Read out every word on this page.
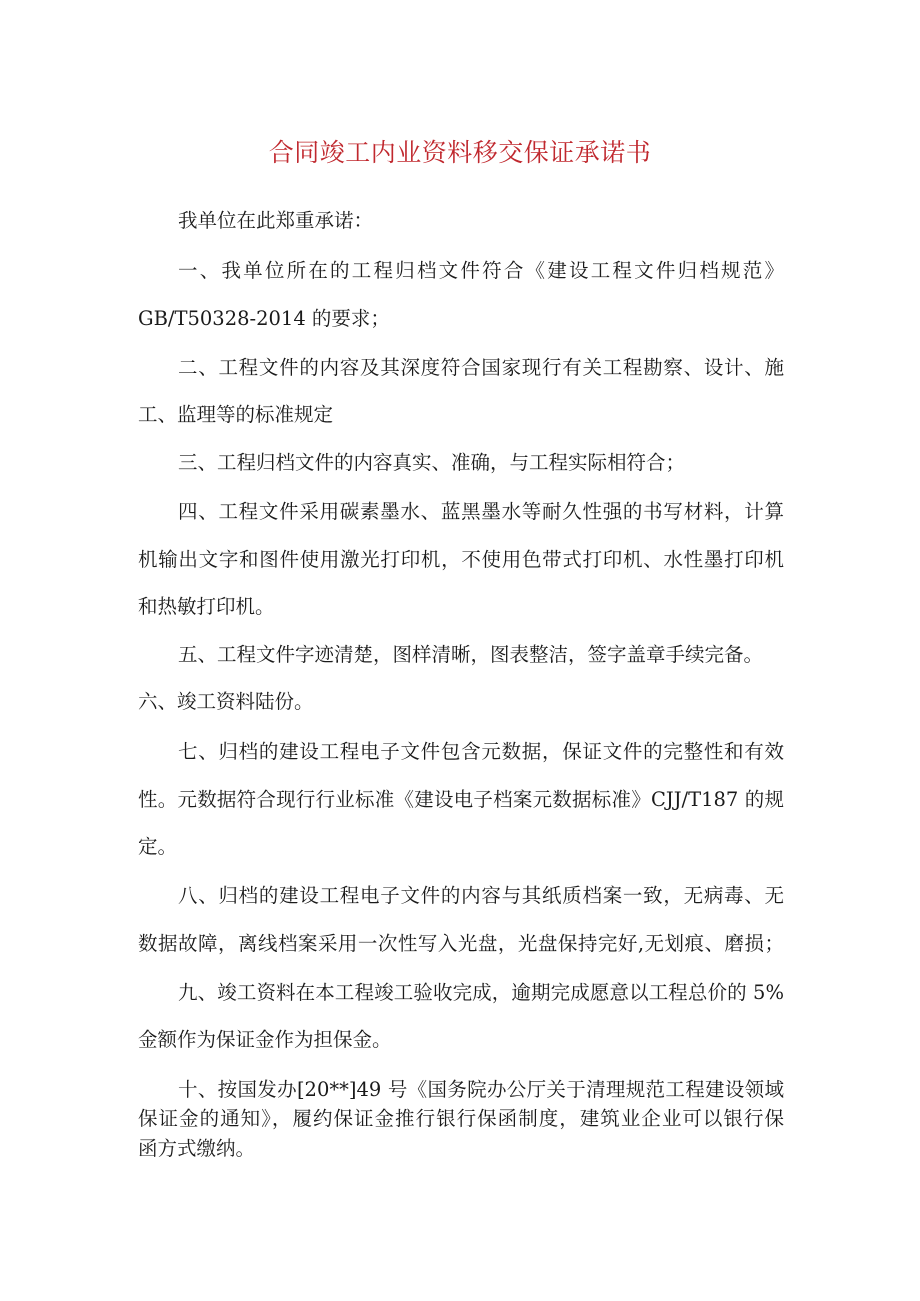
合同竣工内业资料移交保证承诺书
我单位在此郑重承诺：
一、我单位所在的工程归档文件符合《建设工程文件归档规范》
GB/T50328-2014 的要求；
二、工程文件的内容及其深度符合国家现行有关工程勘察、设计、施
工、监理等的标准规定
三、工程归档文件的内容真实、准确，与工程实际相符合；
四、工程文件采用碳素墨水、蓝黑墨水等耐久性强的书写材料，计算
机输出文字和图件使用激光打印机，不使用色带式打印机、水性墨打印机
和热敏打印机。
五、工程文件字迹清楚，图样清晰，图表整洁，签字盖章手续完备。
六、竣工资料陆份。
七、归档的建设工程电子文件包含元数据，保证文件的完整性和有效
性。元数据符合现行行业标准《建设电子档案元数据标准》CJJ/T187 的规
定。
八、归档的建设工程电子文件的内容与其纸质档案一致，无病毒、无
数据故障，离线档案采用一次性写入光盘，光盘保持完好,无划痕、磨损；
九、竣工资料在本工程竣工验收完成，逾期完成愿意以工程总价的 5%
金额作为保证金作为担保金。
十、按国发办[20**]49 号《国务院办公厅关于清理规范工程建设领域
保证金的通知》，履约保证金推行银行保函制度，建筑业企业可以银行保
函方式缴纳。
